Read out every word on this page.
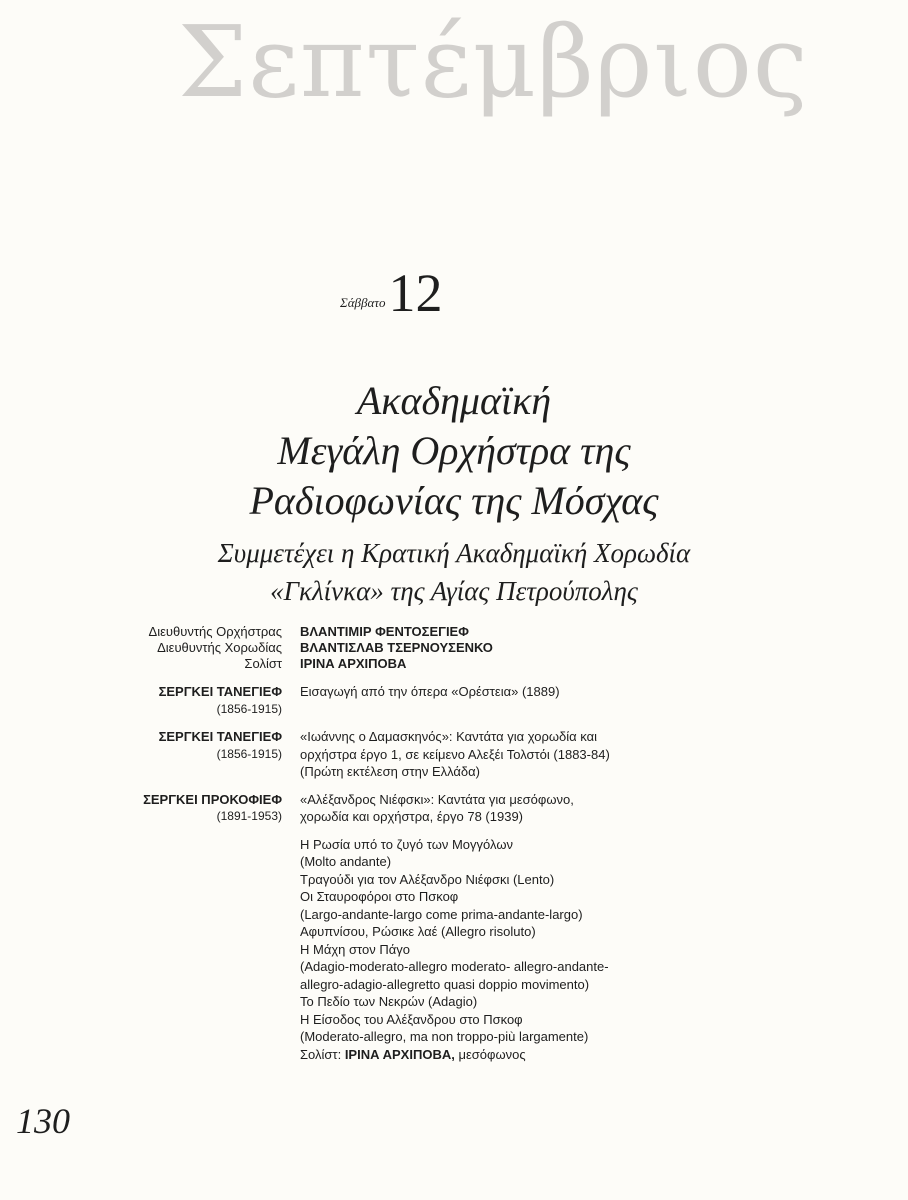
Σεπτέμβριος
$^{\Sigma ά\beta\beta\alpha\tau o}$12
Ακαδημαϊκή
Μεγάλη Ορχήστρα της
Ραδιοφωνίας της Μόσχας
Συμμετέχει η Κρατική Ακαδημαϊκή Χορωδία
«Γκλίνκα» της Αγίας Πετρούπολης
Διευθυντής Ορχήστρας ΒΛΑΝΤΙΜΙΡ ΦΕΝΤΟΣΕΓΙΕΦ
Διευθυντής Χορωδίας ΒΛΑΝΤΙΣΛΑΒ ΤΣΕΡΝΟΥΣΕΝΚΟ
Σολίστ ΙΡΙΝΑ ΑΡΧΙΠΟΒΑ
ΣΕΡΓΚΕΙ ΤΑΝΕΓΙΕΦ
(1856-1915)
Εισαγωγή από την όπερα «Ορέστεια» (1889)
ΣΕΡΓΚΕΙ ΤΑΝΕΓΙΕΦ
(1856-1915)
«Ιωάννης ο Δαμασκηνός»: Καντάτα για χορωδία και
ορχήστρα έργο 1, σε κείμενο Αλεξέι Τολστόι (1883-84)
(Πρώτη εκτέλεση στην Ελλάδα)
ΣΕΡΓΚΕΙ ΠΡΟΚΟΦΙΕΦ
(1891-1953)
«Αλέξανδρος Νιέφσκι»: Καντάτα για μεσόφωνο,
χορωδία και ορχήστρα, έργο 78 (1939)
Η Ρωσία υπό το ζυγό των Μογγόλων
(Molto andante)
Τραγούδι για τον Αλέξανδρο Νιέφσκι (Lento)
Οι Σταυροφόροι στο Πσκοφ
(Largo-andante-largo come prima-andante-largo)
Αφυπνίσου, Ρώσικε λαέ (Allegro risoluto)
Η Μάχη στον Πάγο
(Adagio-moderato-allegro moderato- allegro-andante-
allegro-adagio-allegretto quasi doppio movimento)
Το Πεδίο των Νεκρών (Adagio)
Η Είσοδος του Αλέξανδρου στο Πσκοφ
(Moderato-allegro, ma non troppo-più largamente)
Σολίστ: ΙΡΙΝΑ ΑΡΧΙΠΟΒΑ, μεσόφωνος
130
